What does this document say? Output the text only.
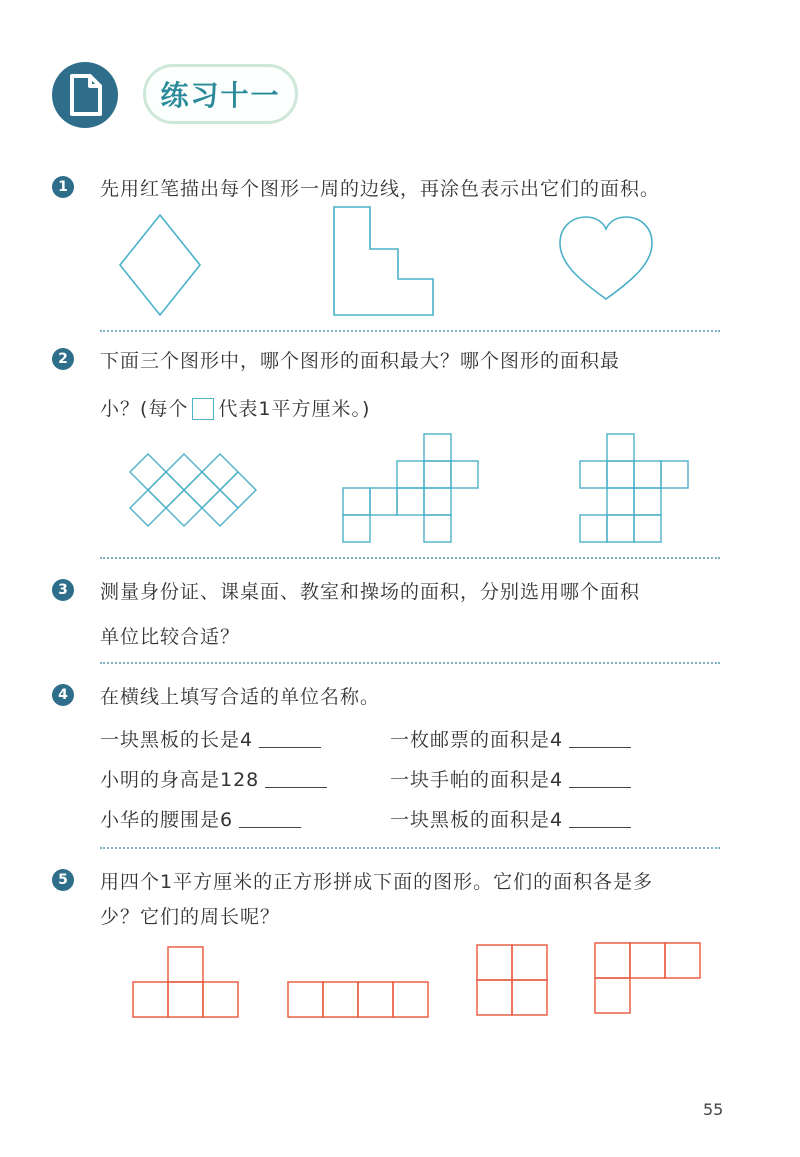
练习十一
1	先用红笔描出每个图形一周的边线，再涂色表示出它们的面积。
2	下面三个图形中，哪个图形的面积最大？哪个图形的面积最
小？(每个 代表1平方厘米。)
3	测量身份证、课桌面、教室和操场的面积，分别选用哪个面积
单位比较合适？
4	在横线上填写合适的单位名称。
一块黑板的长是4	一枚邮票的面积是4
小明的身高是128	一块手帕的面积是4
小华的腰围是6	一块黑板的面积是4
5	用四个1平方厘米的正方形拼成下面的图形。它们的面积各是多
少？它们的周长呢？
55
